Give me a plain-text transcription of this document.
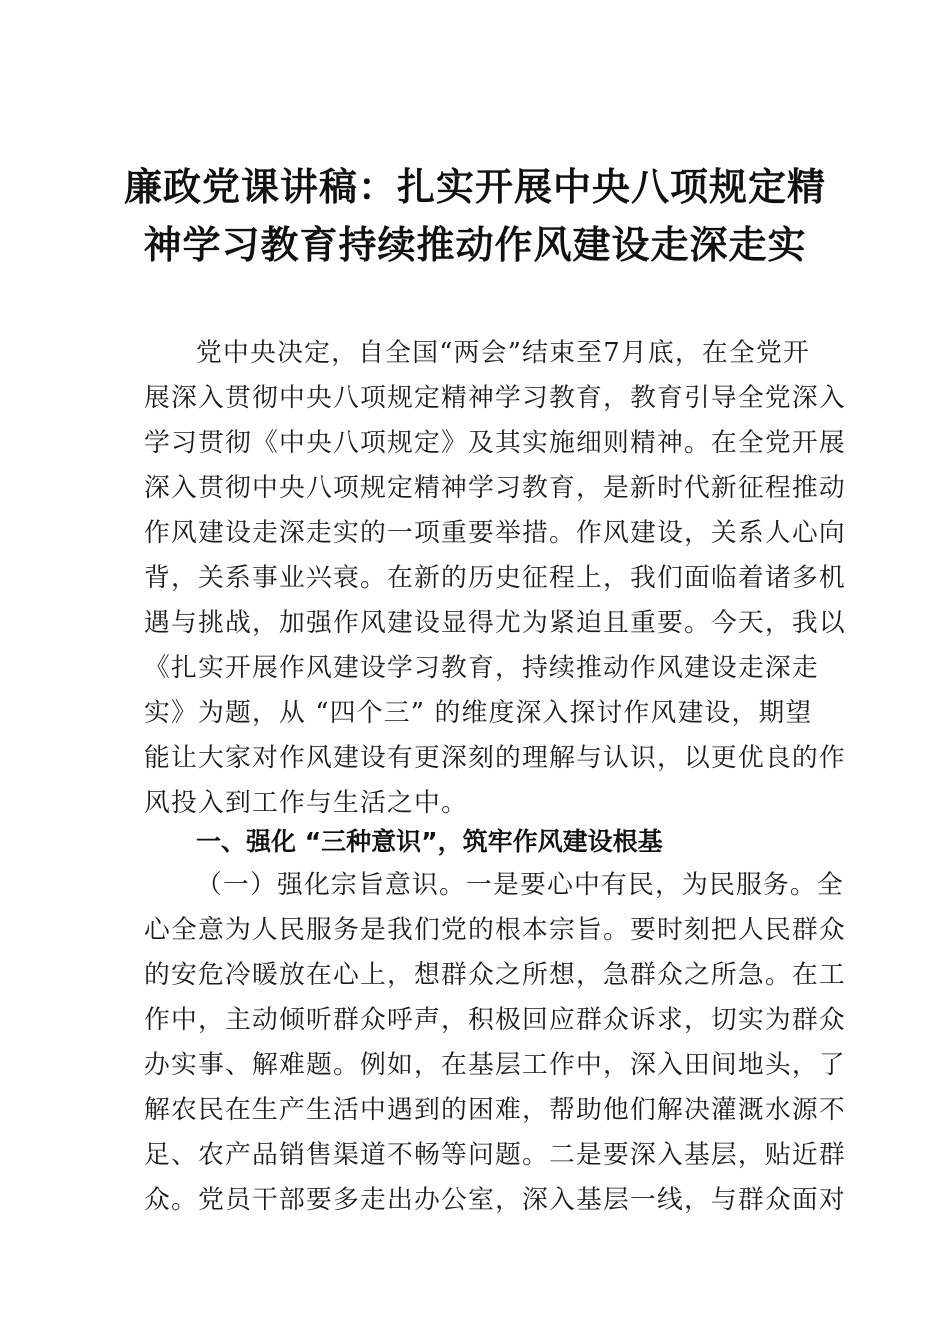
廉政党课讲稿：扎实开展中央八项规定精
神学习教育持续推动作风建设走深走实
党中央决定，自全国“两会”结束至7月底，在全党开
展深入贯彻中央八项规定精神学习教育，教育引导全党深入
学习贯彻《中央八项规定》及其实施细则精神。在全党开展
深入贯彻中央八项规定精神学习教育，是新时代新征程推动
作风建设走深走实的一项重要举措。作风建设，关系人心向
背，关系事业兴衰。在新的历史征程上，我们面临着诸多机
遇与挑战，加强作风建设显得尤为紧迫且重要。今天，我以
《扎实开展作风建设学习教育，持续推动作风建设走深走
实》为题，从 “四个三” 的维度深入探讨作风建设，期望
能让大家对作风建设有更深刻的理解与认识，以更优良的作
风投入到工作与生活之中。
一、强化 “三种意识”，筑牢作风建设根基
（一）强化宗旨意识。一是要心中有民，为民服务。全
心全意为人民服务是我们党的根本宗旨。要时刻把人民群众
的安危冷暖放在心上，想群众之所想，急群众之所急。在工
作中，主动倾听群众呼声，积极回应群众诉求，切实为群众
办实事、解难题。例如，在基层工作中，深入田间地头，了
解农民在生产生活中遇到的困难，帮助他们解决灌溉水源不
足、农产品销售渠道不畅等问题。二是要深入基层，贴近群
众。党员干部要多走出办公室，深入基层一线，与群众面对
